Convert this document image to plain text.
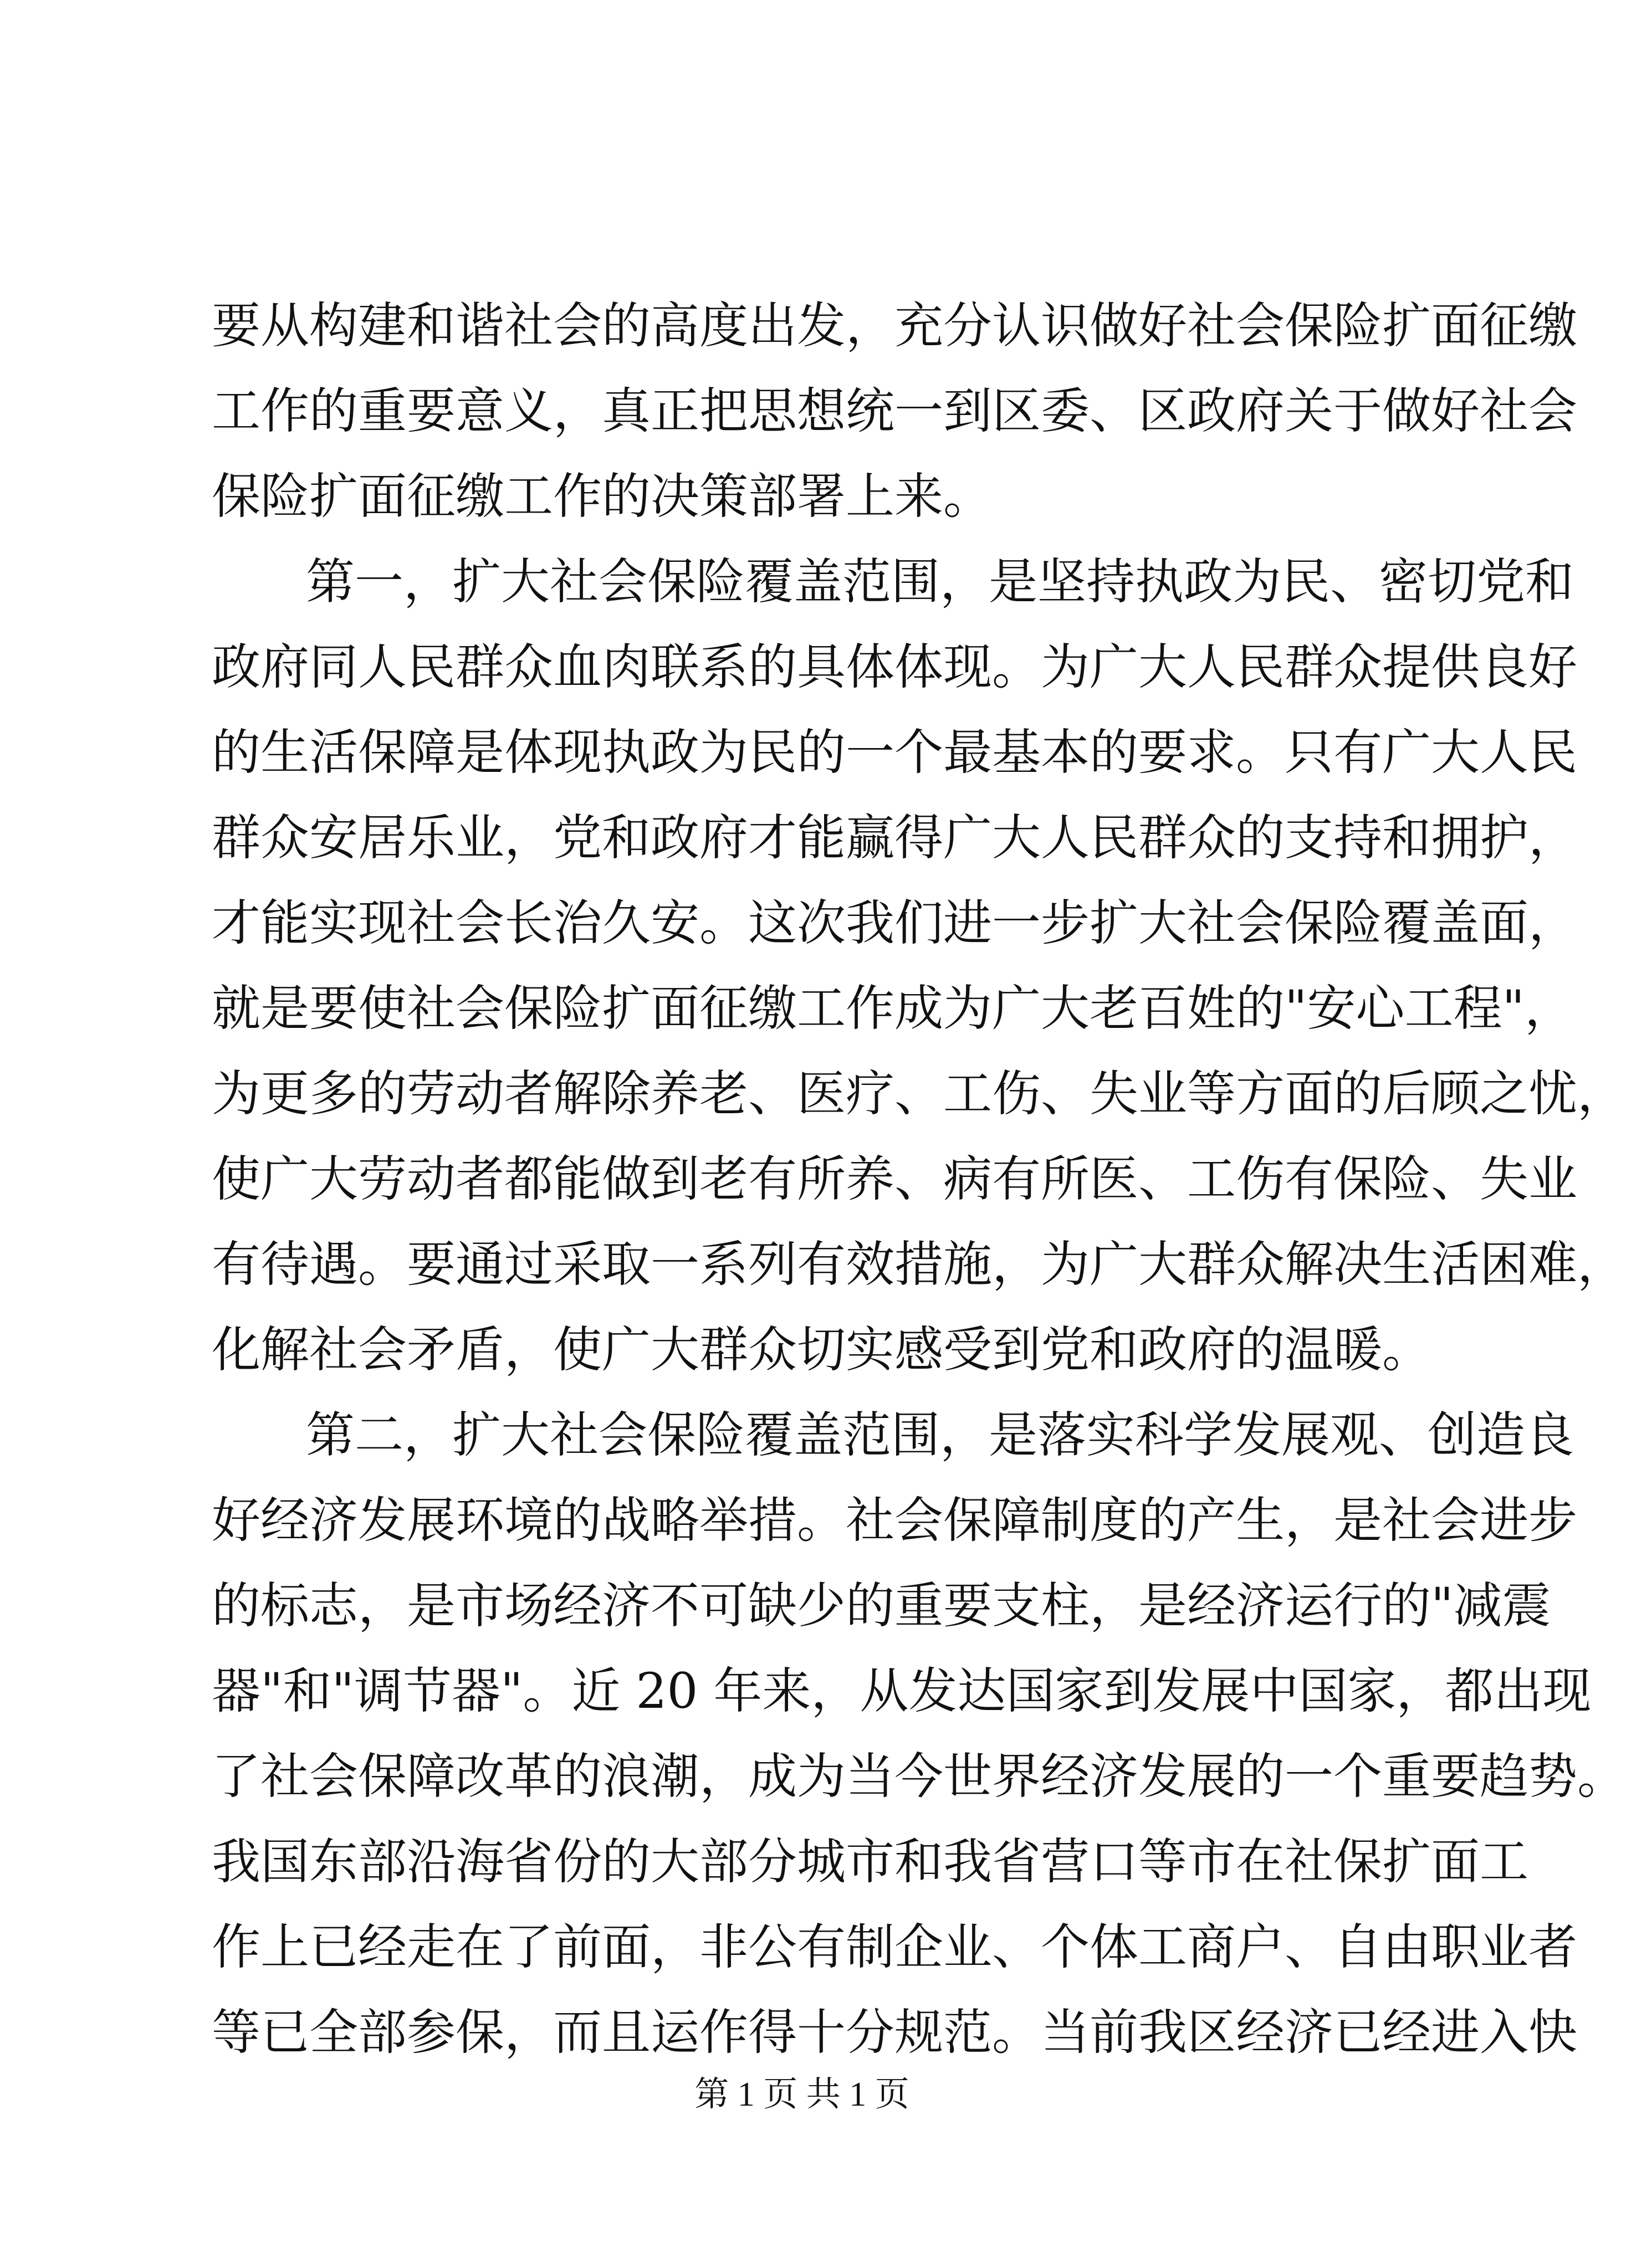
要从构建和谐社会的高度出发，充分认识做好社会保险扩面征缴
工作的重要意义，真正把思想统一到区委、区政府关于做好社会
保险扩面征缴工作的决策部署上来。
第一，扩大社会保险覆盖范围，是坚持执政为民、密切党和
政府同人民群众血肉联系的具体体现。为广大人民群众提供良好
的生活保障是体现执政为民的一个最基本的要求。只有广大人民
群众安居乐业，党和政府才能赢得广大人民群众的支持和拥护，
才能实现社会长治久安。这次我们进一步扩大社会保险覆盖面，
就是要使社会保险扩面征缴工作成为广大老百姓的"安心工程"，
为更多的劳动者解除养老、医疗、工伤、失业等方面的后顾之忧，
使广大劳动者都能做到老有所养、病有所医、工伤有保险、失业
有待遇。要通过采取一系列有效措施，为广大群众解决生活困难，
化解社会矛盾，使广大群众切实感受到党和政府的温暖。
第二，扩大社会保险覆盖范围，是落实科学发展观、创造良
好经济发展环境的战略举措。社会保障制度的产生，是社会进步
的标志，是市场经济不可缺少的重要支柱，是经济运行的"减震
器"和"调节器"。近 20 年来，从发达国家到发展中国家，都出现
了社会保障改革的浪潮，成为当今世界经济发展的一个重要趋势。
我国东部沿海省份的大部分城市和我省营口等市在社保扩面工
作上已经走在了前面，非公有制企业、个体工商户、自由职业者
等已全部参保，而且运作得十分规范。当前我区经济已经进入快
第 1 页 共 1 页
